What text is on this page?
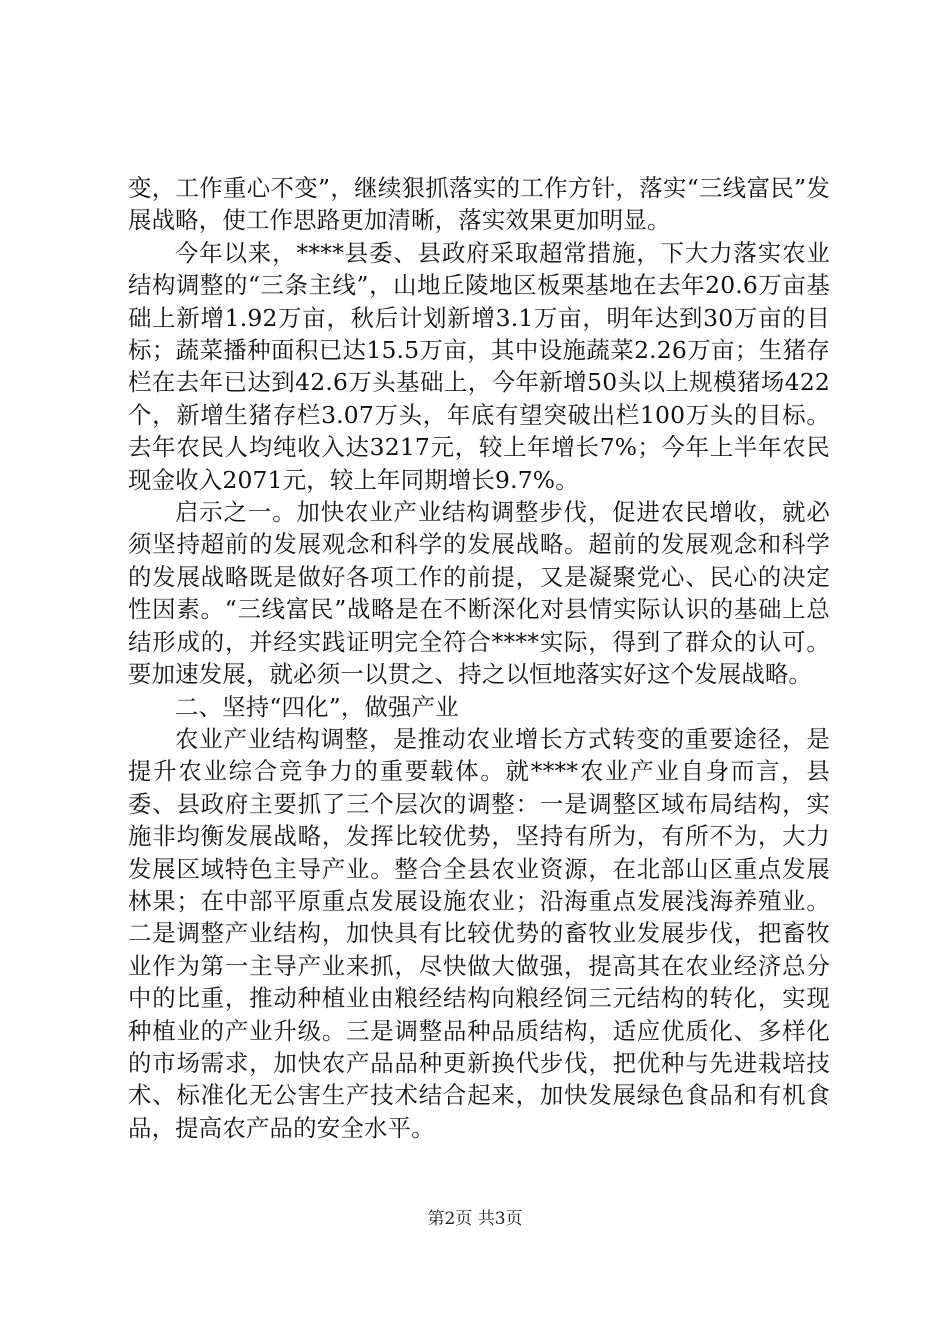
变，工作重心不变”，继续狠抓落实的工作方针，落实“三线富民”发展战略，使工作思路更加清晰，落实效果更加明显。

今年以来，****县委、县政府采取超常措施，下大力落实农业结构调整的“三条主线”，山地丘陵地区板栗基地在去年20.6万亩基础上新增1.92万亩，秋后计划新增3.1万亩，明年达到30万亩的目标；蔬菜播种面积已达15.5万亩，其中设施蔬菜2.26万亩；生猪存栏在去年已达到42.6万头基础上，今年新增50头以上规模猪场422个，新增生猪存栏3.07万头，年底有望突破出栏100万头的目标。去年农民人均纯收入达3217元，较上年增长7%；今年上半年农民现金收入2071元，较上年同期增长9.7%。

启示之一。加快农业产业结构调整步伐，促进农民增收，就必须坚持超前的发展观念和科学的发展战略。超前的发展观念和科学的发展战略既是做好各项工作的前提，又是凝聚党心、民心的决定性因素。“三线富民”战略是在不断深化对县情实际认识的基础上总结形成的，并经实践证明完全符合****实际，得到了群众的认可。要加速发展，就必须一以贯之、持之以恒地落实好这个发展战略。

二、坚持“四化”，做强产业

农业产业结构调整，是推动农业增长方式转变的重要途径，是提升农业综合竞争力的重要载体。就****农业产业自身而言，县委、县政府主要抓了三个层次的调整：一是调整区域布局结构，实施非均衡发展战略，发挥比较优势，坚持有所为，有所不为，大力发展区域特色主导产业。整合全县农业资源，在北部山区重点发展林果；在中部平原重点发展设施农业；沿海重点发展浅海养殖业。二是调整产业结构，加快具有比较优势的畜牧业发展步伐，把畜牧业作为第一主导产业来抓，尽快做大做强，提高其在农业经济总分中的比重，推动种植业由粮经结构向粮经饲三元结构的转化，实现种植业的产业升级。三是调整品种品质结构，适应优质化、多样化的市场需求，加快农产品品种更新换代步伐，把优种与先进栽培技术、标准化无公害生产技术结合起来，加快发展绿色食品和有机食品，提高农产品的安全水平。

第2页 共3页
